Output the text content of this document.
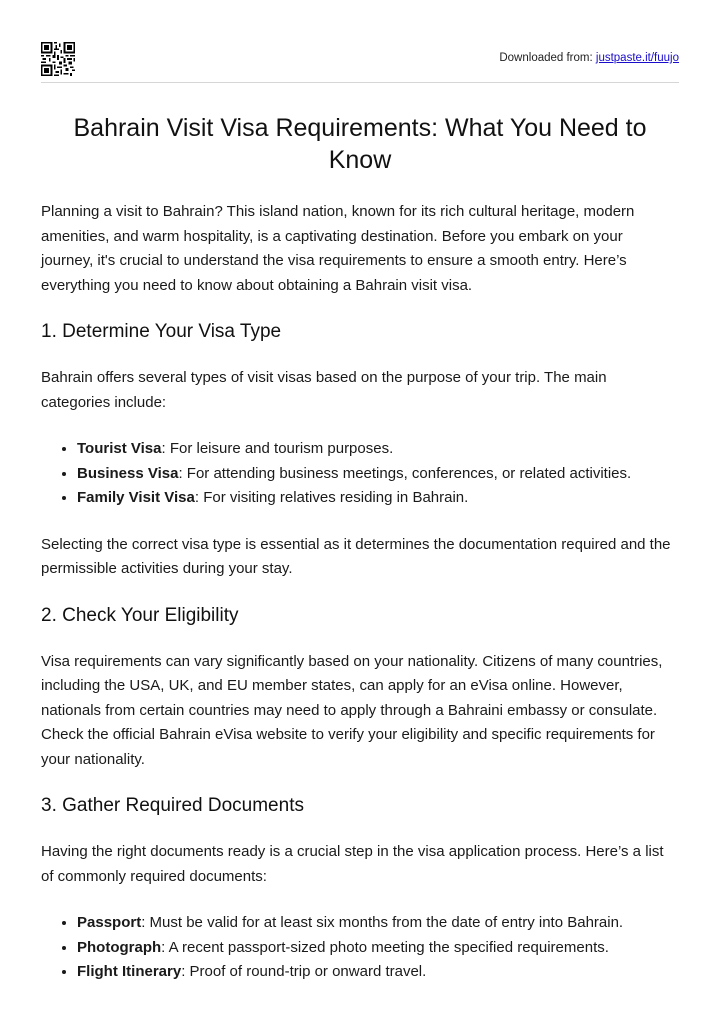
Downloaded from: justpaste.it/fuujo
Bahrain Visit Visa Requirements: What You Need to Know

Planning a visit to Bahrain? This island nation, known for its rich cultural heritage, modern amenities, and warm hospitality, is a captivating destination. Before you embark on your journey, it's crucial to understand the visa requirements to ensure a smooth entry. Here’s everything you need to know about obtaining a Bahrain visit visa.

1. Determine Your Visa Type

Bahrain offers several types of visit visas based on the purpose of your trip. The main categories include:

• Tourist Visa: For leisure and tourism purposes.
• Business Visa: For attending business meetings, conferences, or related activities.
• Family Visit Visa: For visiting relatives residing in Bahrain.

Selecting the correct visa type is essential as it determines the documentation required and the permissible activities during your stay.

2. Check Your Eligibility

Visa requirements can vary significantly based on your nationality. Citizens of many countries, including the USA, UK, and EU member states, can apply for an eVisa online. However, nationals from certain countries may need to apply through a Bahraini embassy or consulate. Check the official Bahrain eVisa website to verify your eligibility and specific requirements for your nationality.

3. Gather Required Documents

Having the right documents ready is a crucial step in the visa application process. Here’s a list of commonly required documents:

• Passport: Must be valid for at least six months from the date of entry into Bahrain.
• Photograph: A recent passport-sized photo meeting the specified requirements.
• Flight Itinerary: Proof of round-trip or onward travel.
